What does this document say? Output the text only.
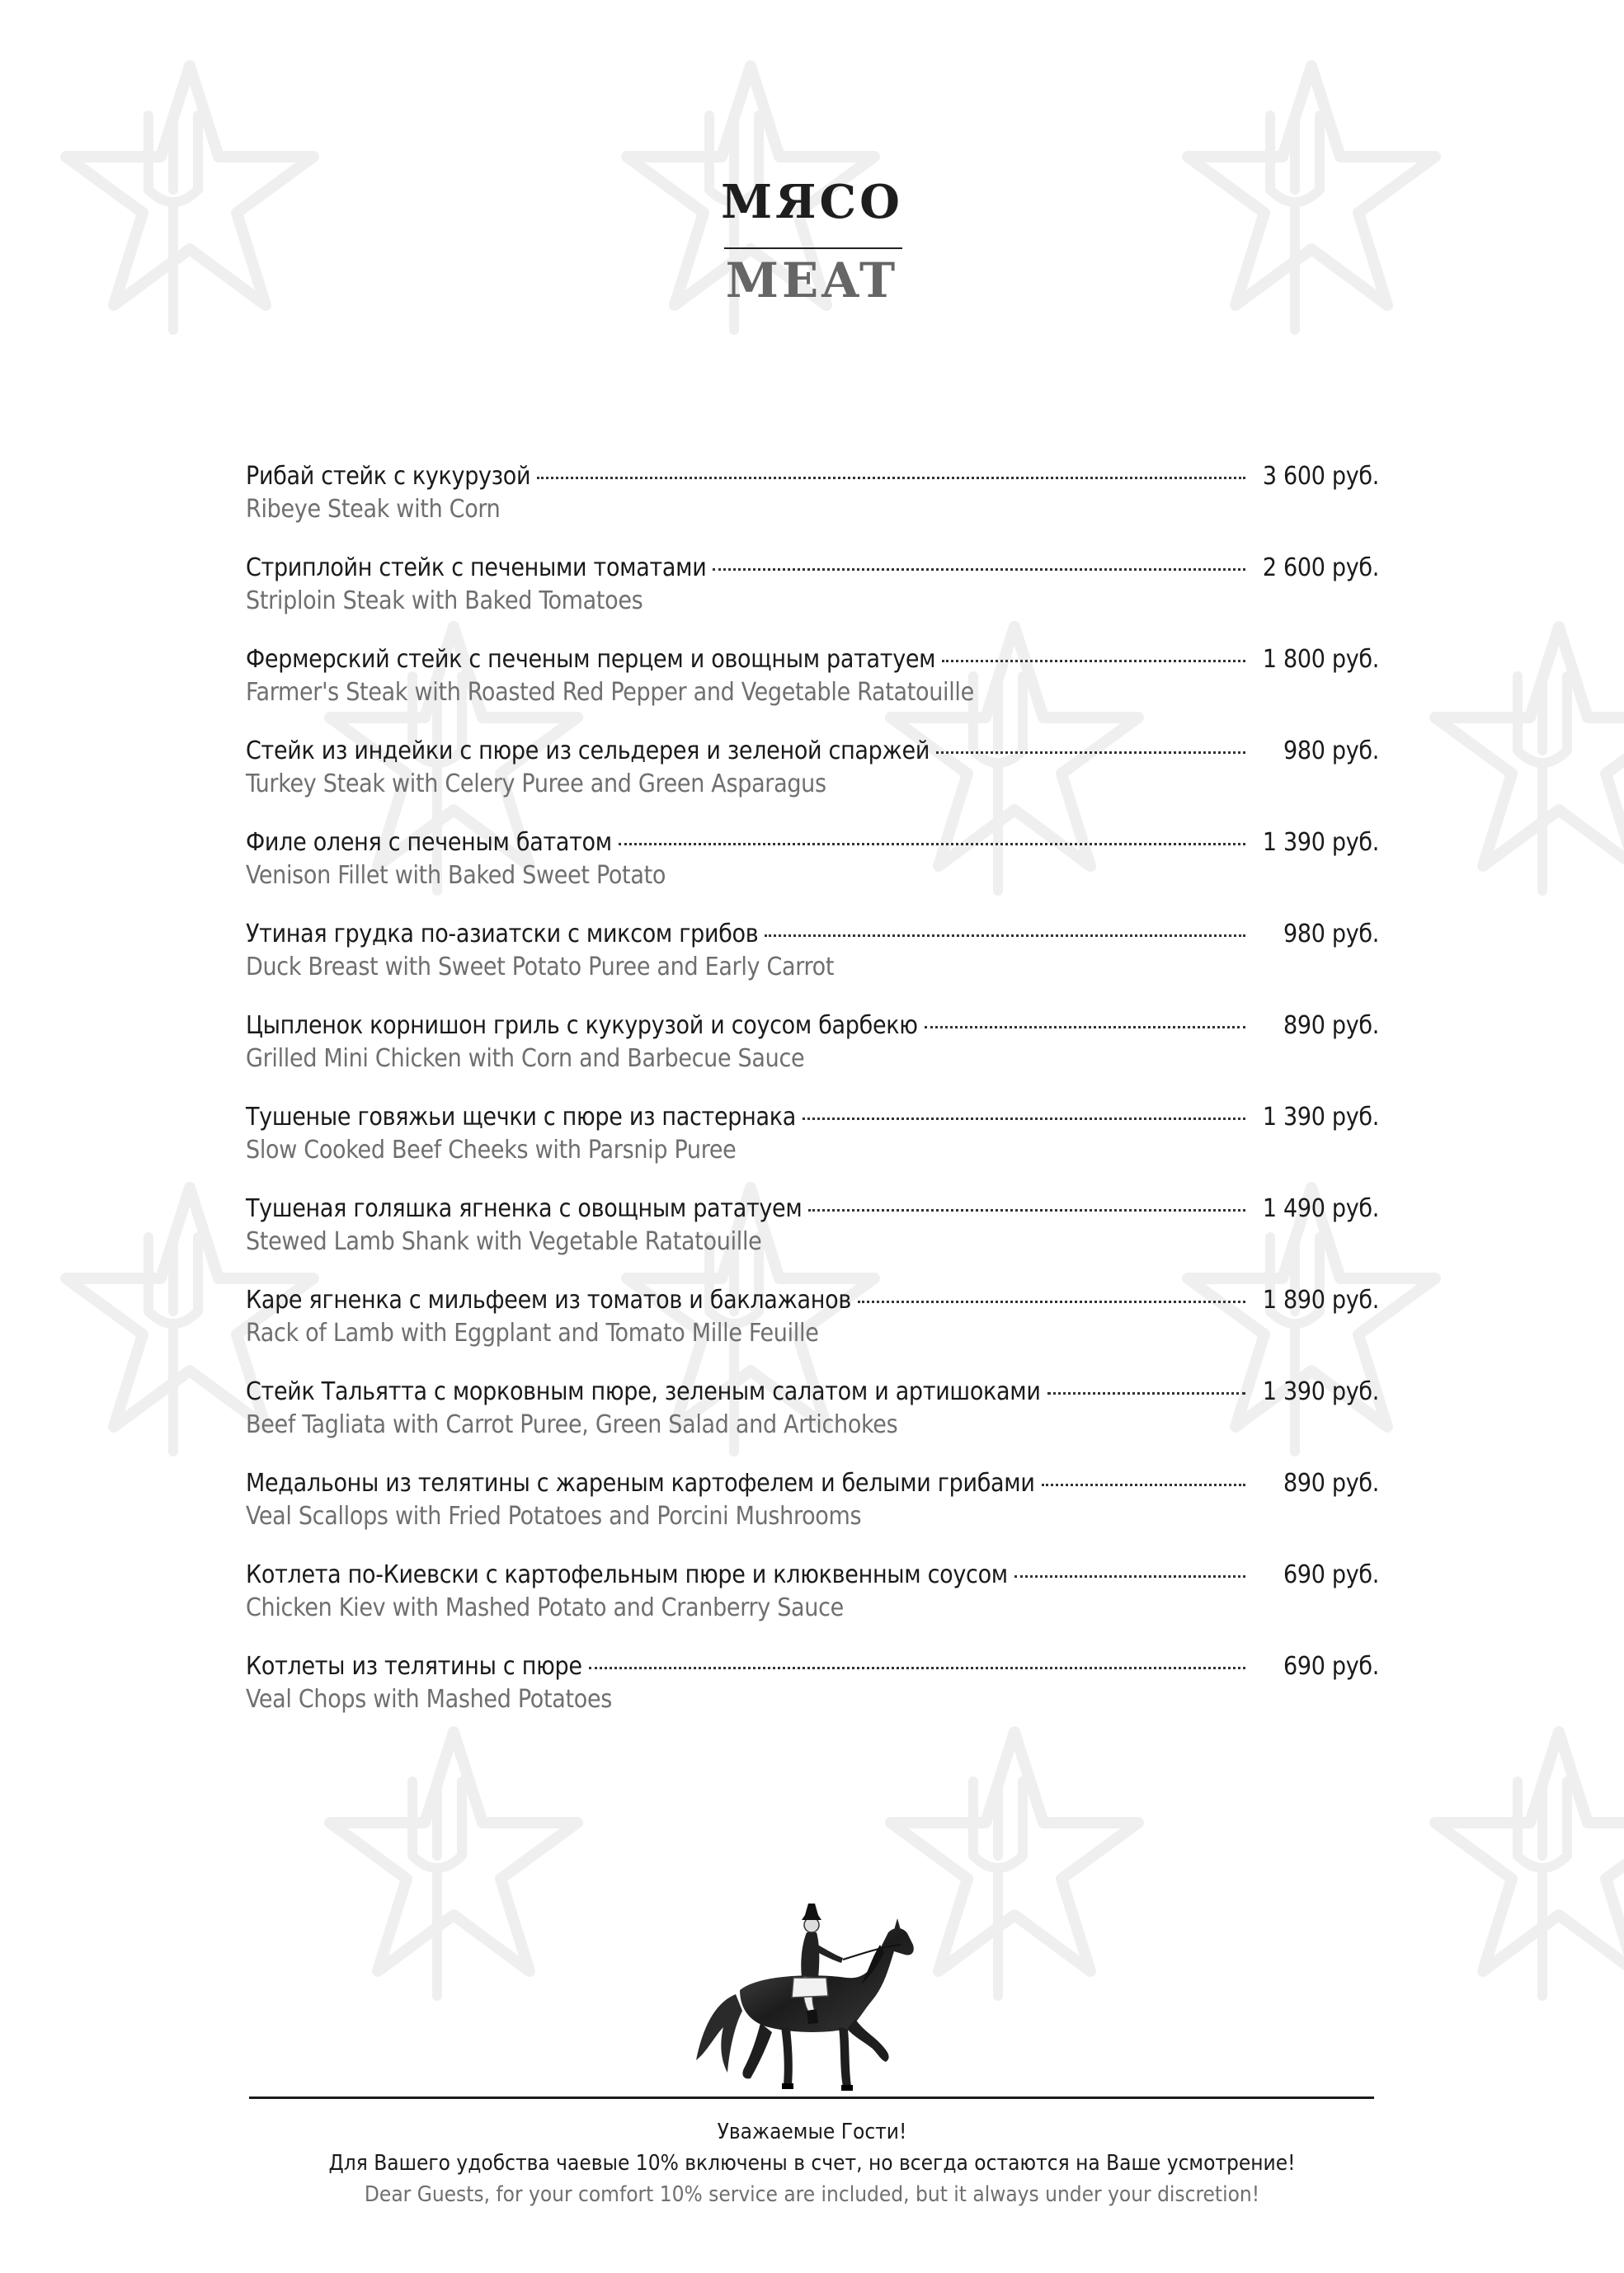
МЯСО
MEAT
Рибай стейк с кукурузой	3 600 руб.
Ribeye Steak with Corn
Стриплойн стейк с печеными томатами	2 600 руб.
Striploin Steak with Baked Tomatoes
Фермерский стейк с печеным перцем и овощным рататуем	1 800 руб.
Farmer's Steak with Roasted Red Pepper and Vegetable Ratatouille
Стейк из индейки с пюре из сельдерея и зеленой спаржей	980 руб.
Turkey Steak with Celery Puree and Green Asparagus
Филе оленя с печеным бататом	1 390 руб.
Venison Fillet with Baked Sweet Potato
Утиная грудка по-азиатски с миксом грибов	980 руб.
Duck Breast with Sweet Potato Puree and Early Carrot
Цыпленок корнишон гриль с кукурузой и соусом барбекю	890 руб.
Grilled Mini Chicken with Corn and Barbecue Sauce
Тушеные говяжьи щечки с пюре из пастернака	1 390 руб.
Slow Cooked Beef Cheeks with Parsnip Puree
Тушеная голяшка ягненка с овощным рататуем	1 490 руб.
Stewed Lamb Shank with Vegetable Ratatouille
Каре ягненка с мильфеем из томатов и баклажанов	1 890 руб.
Rack of Lamb with Eggplant and Tomato Mille Feuille
Стейк Тальятта с морковным пюре, зеленым салатом и артишоками	1 390 руб.
Beef Tagliata with Carrot Puree, Green Salad and Artichokes
Медальоны из телятины с жареным картофелем и белыми грибами	890 руб.
Veal Scallops with Fried Potatoes and Porcini Mushrooms
Котлета по-Киевски с картофельным пюре и клюквенным соусом	690 руб.
Chicken Kiev with Mashed Potato and Cranberry Sauce
Котлеты из телятины с пюре	690 руб.
Veal Chops with Mashed Potatoes
Уважаемые Гости!
Для Вашего удобства чаевые 10% включены в счет, но всегда остаются на Ваше усмотрение!
Dear Guests, for your comfort 10% service are included, but it always under your discretion!
